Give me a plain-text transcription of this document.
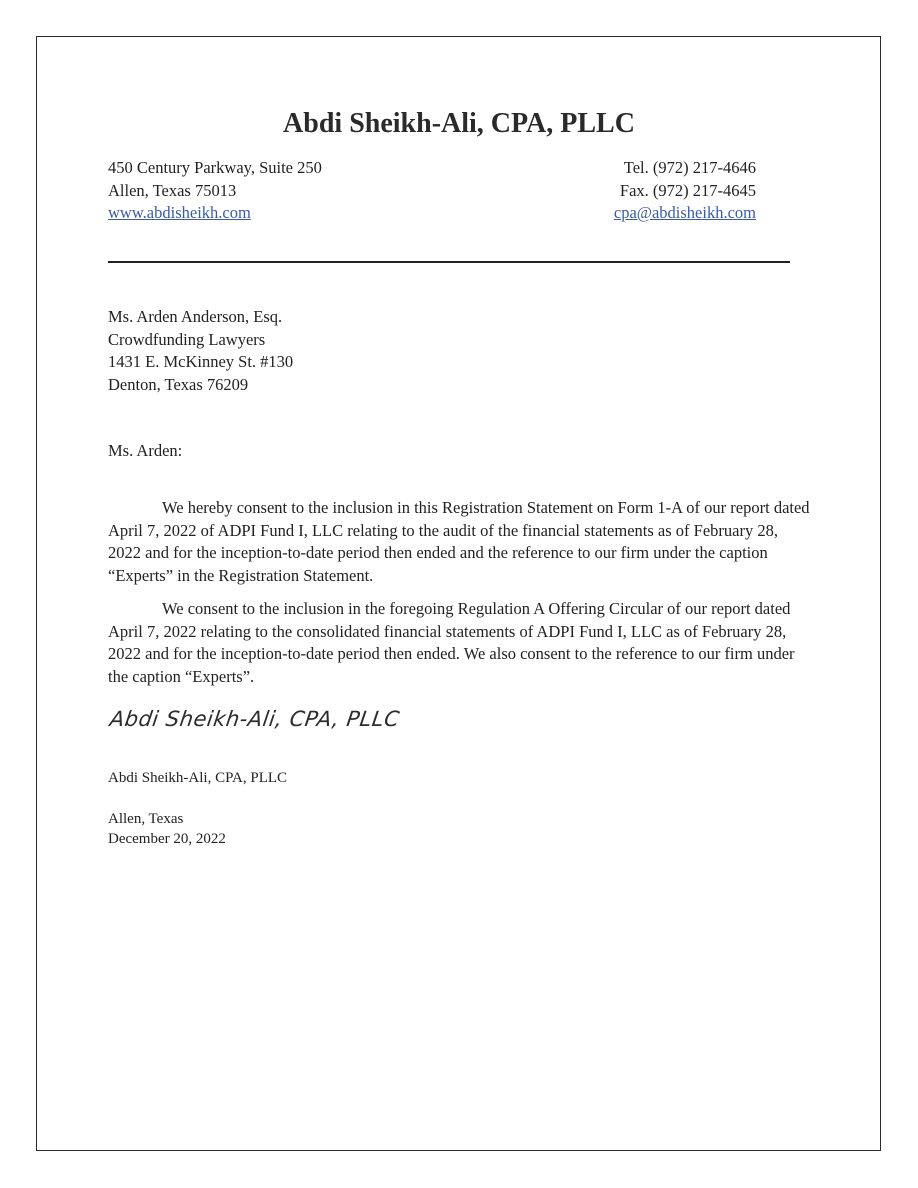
Abdi Sheikh-Ali, CPA, PLLC
450 Century Parkway, Suite 250
Allen, Texas 75013
www.abdisheikh.com
Tel. (972) 217-4646
Fax. (972) 217-4645
cpa@abdisheikh.com
Ms. Arden Anderson, Esq.
Crowdfunding Lawyers
1431 E. McKinney St. #130
Denton, Texas 76209
Ms. Arden:

We hereby consent to the inclusion in this Registration Statement on Form 1-A of our report dated April 7, 2022 of ADPI Fund I, LLC relating to the audit of the financial statements as of February 28, 2022 and for the inception-to-date period then ended and the reference to our firm under the caption “Experts” in the Registration Statement.

We consent to the inclusion in the foregoing Regulation A Offering Circular of our report dated April 7, 2022 relating to the consolidated financial statements of ADPI Fund I, LLC as of February 28, 2022 and for the inception-to-date period then ended. We also consent to the reference to our firm under the caption “Experts”.

Abdi Sheikh-Ali, CPA, PLLC
Abdi Sheikh-Ali, CPA, PLLC
Allen, Texas
December 20, 2022
